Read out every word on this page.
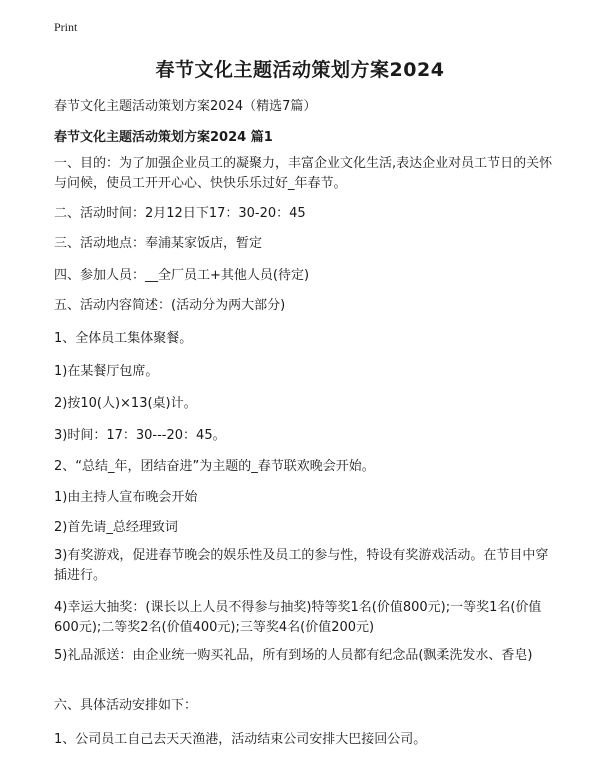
Print
春节文化主题活动策划方案2024
春节文化主题活动策划方案2024（精选7篇）
春节文化主题活动策划方案2024 篇1
一、目的：为了加强企业员工的凝聚力，丰富企业文化生活,表达企业对员工节日的关怀与问候，使员工开开心心、快快乐乐过好_年春节。
二、活动时间：2月12日下17：30-20：45
三、活动地点：奉浦某家饭店，暂定
四、参加人员：__全厂员工+其他人员(待定)
五、活动内容简述：(活动分为两大部分)
1、全体员工集体聚餐。
1)在某餐厅包席。
2)按10(人)×13(桌)计。
3)时间：17：30---20：45。
2、“总结_年，团结奋进”为主题的_春节联欢晚会开始。
1)由主持人宣布晚会开始
2)首先请_总经理致词
3)有奖游戏，促进春节晚会的娱乐性及员工的参与性，特设有奖游戏活动。在节目中穿插进行。
4)幸运大抽奖：(课长以上人员不得参与抽奖)特等奖1名(价值800元);一等奖1名(价值600元);二等奖2名(价值400元);三等奖4名(价值200元)
5)礼品派送：由企业统一购买礼品，所有到场的人员都有纪念品(飘柔洗发水、香皂)
六、具体活动安排如下：
1、公司员工自己去天天渔港，活动结束公司安排大巴接回公司。
